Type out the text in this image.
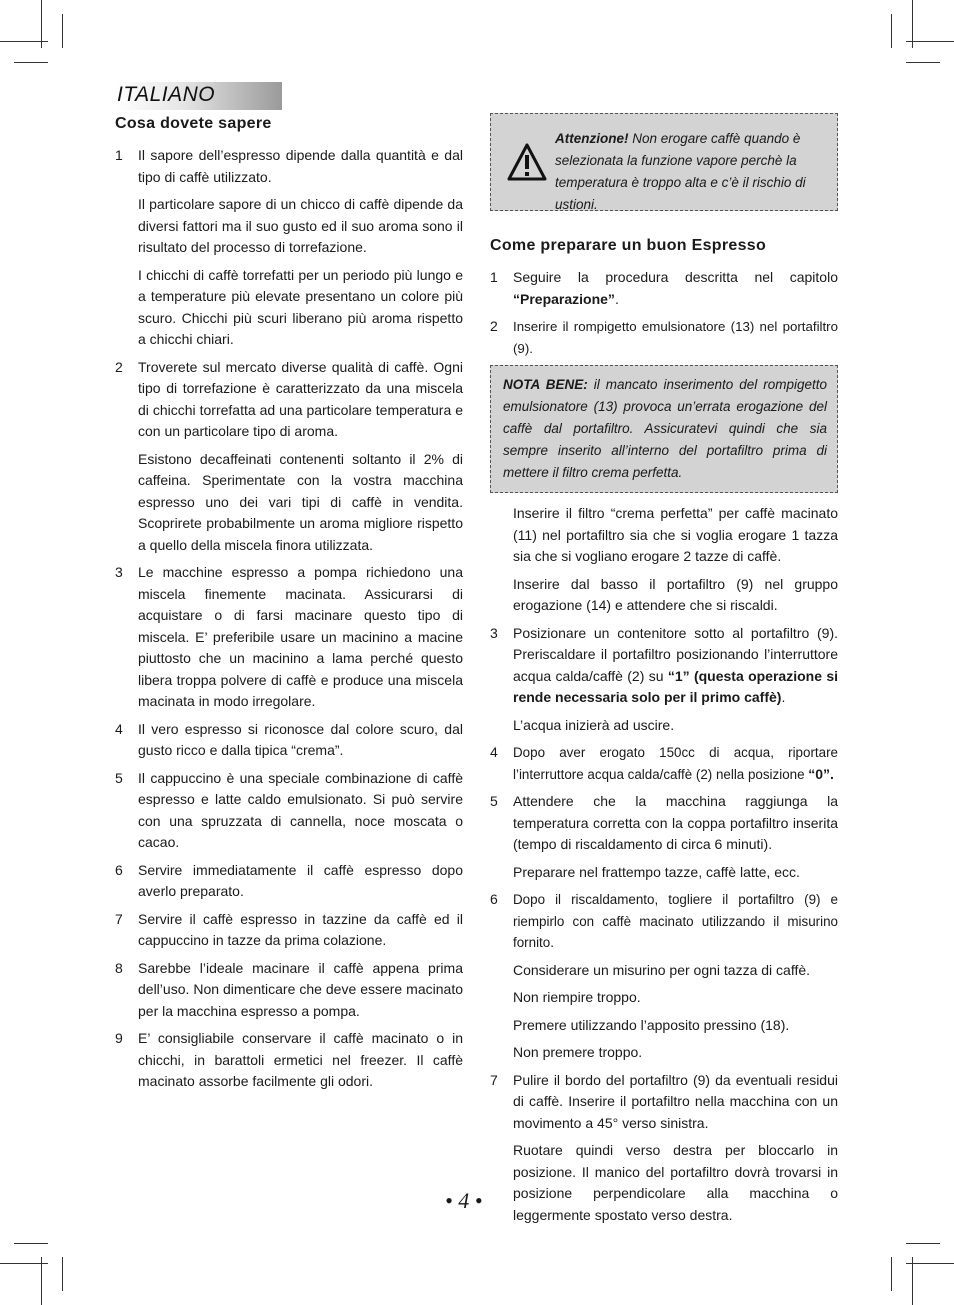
ITALIANO
Cosa dovete sapere
1 Il sapore dell’espresso dipende dalla quantità e dal tipo di caffè utilizzato.

Il particolare sapore di un chicco di caffè dipende da diversi fattori ma il suo gusto ed il suo aroma sono il risultato del processo di torrefazione.

I chicchi di caffè torrefatti per un periodo più lungo e a temperature più elevate presentano un colore più scuro. Chicchi più scuri liberano più aroma rispetto a chicchi chiari.

2 Troverete sul mercato diverse qualità di caffè. Ogni tipo di torrefazione è caratterizzato da una miscela di chicchi torrefatta ad una particolare temperatura e con un particolare tipo di aroma.

Esistono decaffeinati contenenti soltanto il 2% di caffeina. Sperimentate con la vostra macchina espresso uno dei vari tipi di caffè in vendita. Scoprirete probabilmente un aroma migliore rispetto a quello della miscela finora utilizzata.

3 Le macchine espresso a pompa richiedono una miscela finemente macinata. Assicurarsi di acquistare o di farsi macinare questo tipo di miscela. E’ preferibile usare un macinino a macine piuttosto che un macinino a lama perché questo libera troppa polvere di caffè e produce una miscela macinata in modo irregolare.

4 Il vero espresso si riconosce dal colore scuro, dal gusto ricco e dalla tipica “crema”.

5 Il cappuccino è una speciale combinazione di caffè espresso e latte caldo emulsionato. Si può servire con una spruzzata di cannella, noce moscata o cacao.

6 Servire immediatamente il caffè espresso dopo averlo preparato.

7 Servire il caffè espresso in tazzine da caffè ed il cappuccino in tazze da prima colazione.

8 Sarebbe l’ideale macinare il caffè appena prima dell’uso. Non dimenticare che deve essere macinato per la macchina espresso a pompa.

9 E’ consigliabile conservare il caffè macinato o in chicchi, in barattoli ermetici nel freezer. Il caffè macinato assorbe facilmente gli odori.

Attenzione! Non erogare caffè quando è selezionata la funzione vapore perchè la temperatura è troppo alta e c’è il rischio di ustioni.
Come preparare un buon Espresso
1 Seguire la procedura descritta nel capitolo “Preparazione”.

2 Inserire il rompigetto emulsionatore (13) nel portafiltro (9).

NOTA BENE: il mancato inserimento del rompigetto emulsionatore (13) provoca un’errata erogazione del caffè dal portafiltro. Assicuratevi quindi che sia sempre inserito all’interno del portafiltro prima di mettere il filtro crema perfetta.

Inserire il filtro “crema perfetta” per caffè macinato (11) nel portafiltro sia che si voglia erogare 1 tazza sia che si vogliano erogare 2 tazze di caffè.

Inserire dal basso il portafiltro (9) nel gruppo erogazione (14) e attendere che si riscaldi.

3 Posizionare un contenitore sotto al portafiltro (9). Preriscaldare il portafiltro posizionando l’interruttore acqua calda/caffè (2) su “1” (questa operazione si rende necessaria solo per il primo caffè).

L’acqua inizierà ad uscire.

4 Dopo aver erogato 150cc di acqua, riportare l’interruttore acqua calda/caffè (2) nella posizione “0”.

5 Attendere che la macchina raggiunga la temperatura corretta con la coppa portafiltro inserita (tempo di riscaldamento di circa 6 minuti).

Preparare nel frattempo tazze, caffè latte, ecc.

6 Dopo il riscaldamento, togliere il portafiltro (9) e riempirlo con caffè macinato utilizzando il misurino fornito.

Considerare un misurino per ogni tazza di caffè.

Non riempire troppo.

Premere utilizzando l’apposito pressino (18).

Non premere troppo.

7 Pulire il bordo del portafiltro (9) da eventuali residui di caffè. Inserire il portafiltro nella macchina con un movimento a 45° verso sinistra.

Ruotare quindi verso destra per bloccarlo in posizione. Il manico del portafiltro dovrà trovarsi in posizione perpendicolare alla macchina o leggermente spostato verso destra.

• 4 •
